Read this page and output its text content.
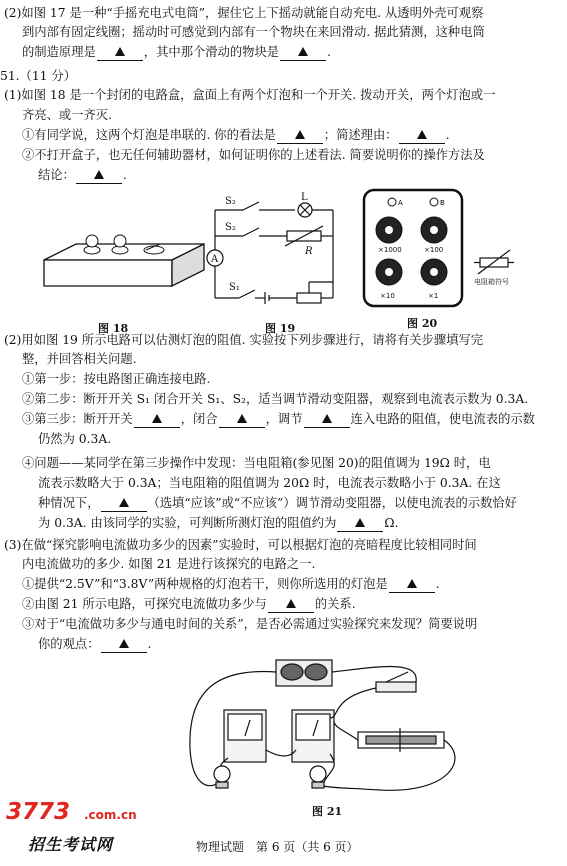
(2)如图 17 是一种“手摇充电式电筒”，握住它上下摇动就能自动充电. 从透明外壳可观察
到内部有固定线圈；摇动时可感觉到内部有一个物块在来回滑动. 据此猜测，这种电筒
的制造原理是	，其中那个滑动的物块是	.
51.（11 分）
(1)如图 18 是一个封闭的电路盒，盒面上有两个灯泡和一个开关. 拨动开关，两个灯泡或一
齐亮、或一齐灭.
①有同学说，这两个灯泡是串联的. 你的看法是	；简述理由：	.
②不打开盒子，也无任何辅助器材，如何证明你的上述看法. 简要说明你的操作方法及
结论：	.
(2)用如图 19 所示电路可以估测灯泡的阻值. 实验按下列步骤进行，请将有关步骤填写完
整，并回答相关问题.
①第一步：按电路图正确连接电路.
②第二步：断开开关 S₁ 闭合开关 S₁、S₂，适当调节滑动变阻器，观察到电流表示数为 0.3A.
③第三步：断开开关	，闭合	，调节	连入电路的阻值，使电流表的示数
仍然为 0.3A.
④问题——某同学在第三步操作中发现：当电阻箱(参见图 20)的阻值调为 19Ω 时，电
流表示数略大于 0.3A；当电阻箱的阻值调为 20Ω 时，电流表示数略小于 0.3A. 在这
种情况下，	（选填“应该”或“不应该”）调节滑动变阻器，以使电流表的示数恰好
为 0.3A. 由该同学的实验，可判断所测灯泡的阻值约为	Ω.
(3)在做“探究影响电流做功多少的因素”实验时，可以根据灯泡的亮暗程度比较相同时间
内电流做功的多少. 如图 21 是进行该探究的电路之一.
①提供“2.5V”和“3.8V”两种规格的灯泡若干，则你所选用的灯泡是	.
②由图 21 所示电路，可探究电流做功多少与	的关系.
③对于“电流做功多少与通电时间的关系”，是否必需通过实验探究来发现？简要说明
你的观点：	.
图 18
S₂
S₂
S₁
L
R
A
图 19
A	B
×1000	×100
×10	×1
电阻箱符号
图 20
图 21
3773 .com.cn
招生考试网	物理试题　第 6 页（共 6 页）
